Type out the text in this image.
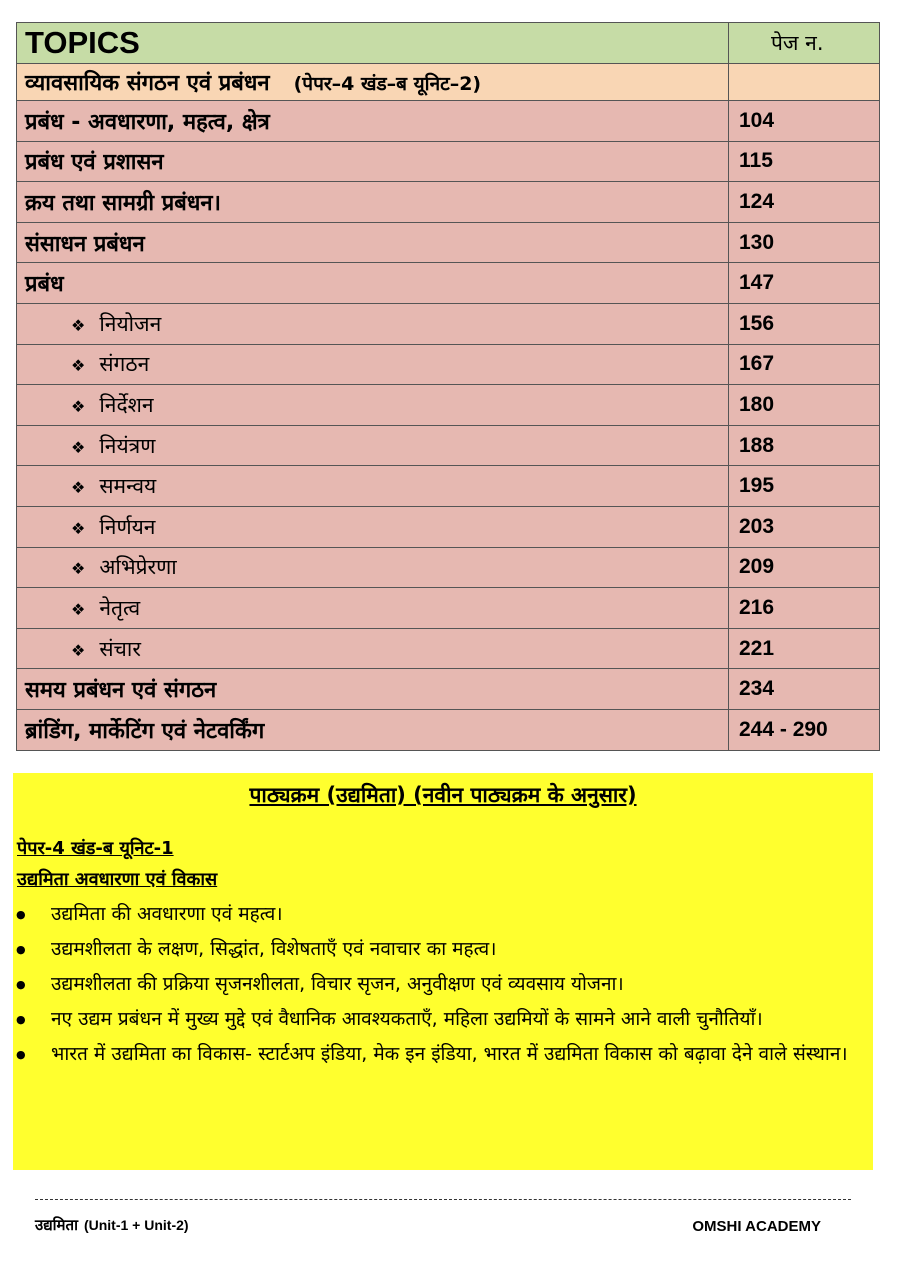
TOPICS	पेज न.
व्यावसायिक संगठन एवं प्रबंधन (पेपर–4 खंड–ब यूनिट–2)	
प्रबंध - अवधारणा, महत्व, क्षेत्र	104
प्रबंध एवं प्रशासन	115
क्रय तथा सामग्री प्रबंधन।	124
संसाधन प्रबंधन	130
प्रबंध	147
❖ नियोजन	156
❖ संगठन	167
❖ निर्देशन	180
❖ नियंत्रण	188
❖ समन्वय	195
❖ निर्णयन	203
❖ अभिप्रेरणा	209
❖ नेतृत्व	216
❖ संचार	221
समय प्रबंधन एवं संगठन	234
ब्रांडिंग, मार्केटिंग एवं नेटवर्किंग	244 - 290
पाठ्यक्रम (उद्यमिता) (नवीन पाठ्यक्रम के अनुसार)
पेपर-4 खंड-ब यूनिट-1
उद्यमिता अवधारणा एवं विकास
● उद्यमिता की अवधारणा एवं महत्व।
● उद्यमशीलता के लक्षण, सिद्धांत, विशेषताएँ एवं नवाचार का महत्व।
● उद्यमशीलता की प्रक्रिया सृजनशीलता, विचार सृजन, अनुवीक्षण एवं व्यवसाय योजना।
● नए उद्यम प्रबंधन में मुख्य मुद्दे एवं वैधानिक आवश्यकताएँ, महिला उद्यमियों के सामने आने वाली चुनौतियाँ।
● भारत में उद्यमिता का विकास- स्टार्टअप इंडिया, मेक इन इंडिया, भारत में उद्यमिता विकास को बढ़ावा देने वाले संस्थान।
उद्यमिता (Unit-1 + Unit-2)	OMSHI ACADEMY
